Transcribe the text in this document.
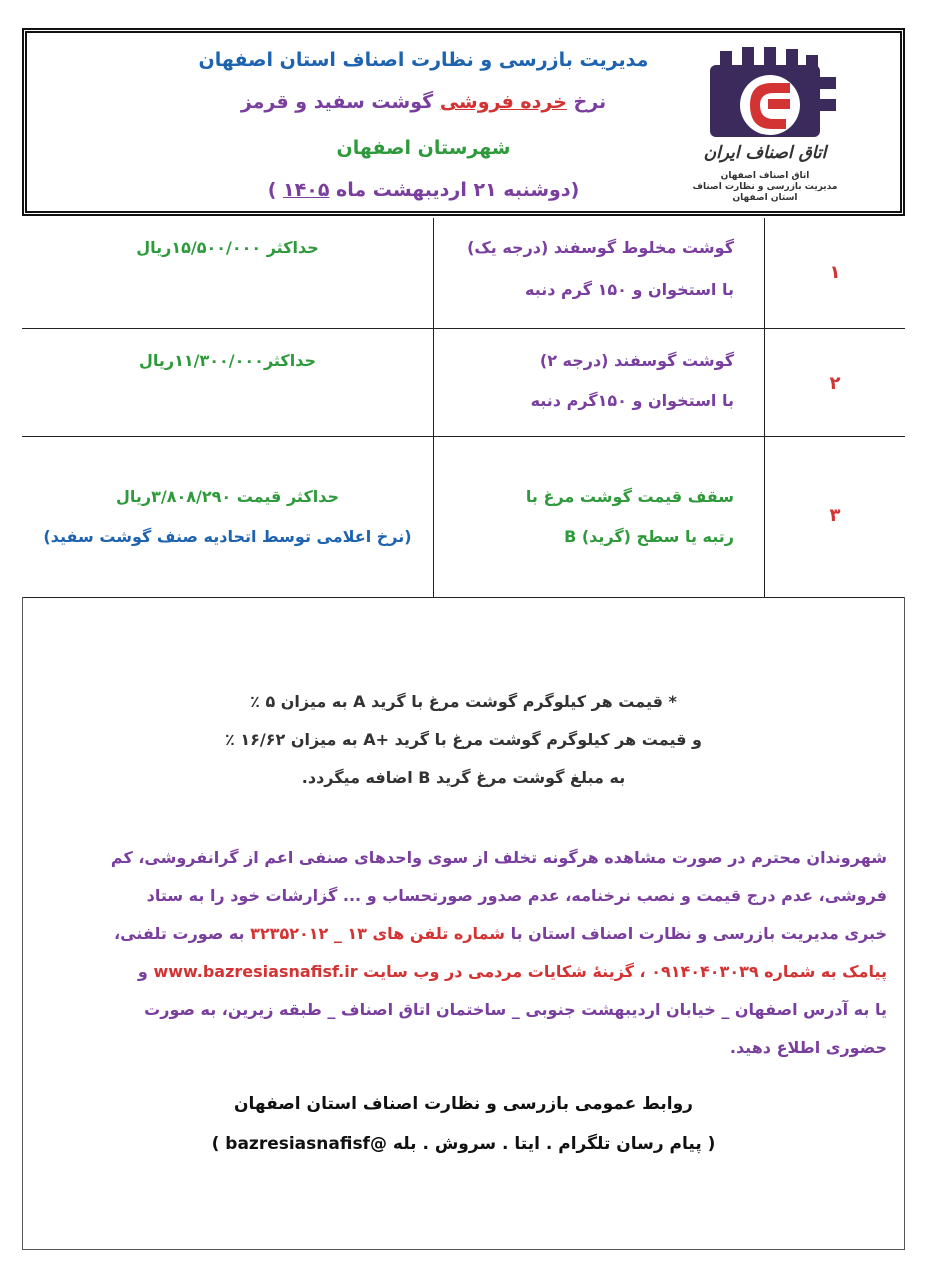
مدیریت بازرسی و نظارت اصناف استان اصفهان
نرخ خرده فروشی گوشت سفید و قرمز
شهرستان اصفهان
(دوشنبه ۲۱ اردیبهشت ماه ۱۴۰۵ )
اتاق اصناف ایران
اتاق اصناف اصفهان
مدیریت بازرسی و نظارت اصناف
استان اصفهان
۱
گوشت مخلوط گوسفند (درجه یک)
با استخوان و ۱۵۰ گرم دنبه
حداکثر ۱۵/۵۰۰/۰۰۰ریال
۲
گوشت گوسفند (درجه ۲)
با استخوان و ۱۵۰گرم دنبه
حداکثر۱۱/۳۰۰/۰۰۰ریال
۳
سقف قیمت گوشت مرغ با
رتبه یا سطح (گرید) B
حداکثر قیمت ۳/۸۰۸/۲۹۰ریال
(نرخ اعلامی توسط اتحادیه صنف گوشت سفید)
* قیمت هر کیلوگرم گوشت مرغ با گرید A به میزان ۵ ٪
و قیمت هر کیلوگرم گوشت مرغ با گرید +A به میزان ۱۶/۶۲ ٪
به مبلغ گوشت مرغ گرید B اضافه میگردد.
شهروندان محترم در صورت مشاهده هرگونه تخلف از سوی واحدهای صنفی اعم از گرانفروشی، کم
فروشی، عدم درج قیمت و نصب نرخنامه، عدم صدور صورتحساب و ... گزارشات خود را به ستاد
خبری مدیریت بازرسی و نظارت اصناف استان با شماره تلفن های ۱۳ _ ۳۲۳۵۲۰۱۲ به صورت تلفنی،
پیامک به شماره ۰۹۱۴۰۴۰۳۰۳۹ ، گزینهٔ شکایات مردمی در وب سایت www.bazresiasnafisf.ir و
یا به آدرس اصفهان _ خیابان اردیبهشت جنوبی _ ساختمان اتاق اصناف _ طبقه زیرین، به صورت
حضوری اطلاع دهید.
روابط عمومی بازرسی و نظارت اصناف استان اصفهان
( پیام رسان تلگرام . ایتا . سروش . بله @bazresiasnafisf )
